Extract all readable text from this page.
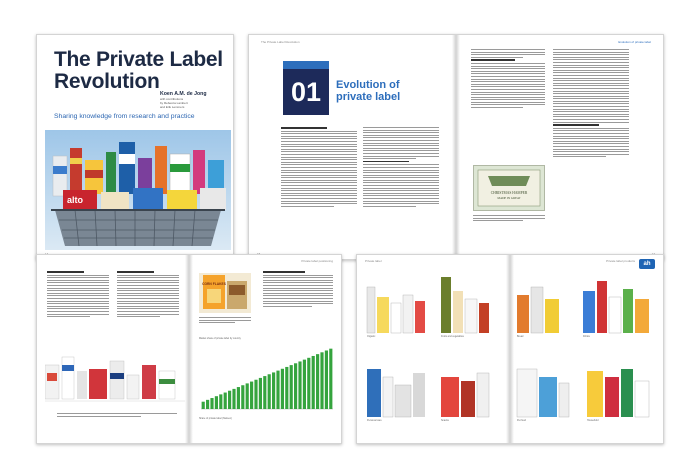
The Private Label
Revolution
Koen A.M. de Jong
with contributions
by Rebecca Lambert
and Erik Lemmers
Sharing knowledge from research and practice
alto
The Private Label Revolution	Evolution of private label
01	Evolution of
private label
CHRISTMAS HAMPER
MADE IN GREAT
Private label positioning
CORN FLAKES
Market share of private label by country
Share of private label (Nielsen)
Private label	Private label products	ah
Organic	Fruits and vegetables	Bread	Drinks
Personal care	Snacks	Pet food	Household
